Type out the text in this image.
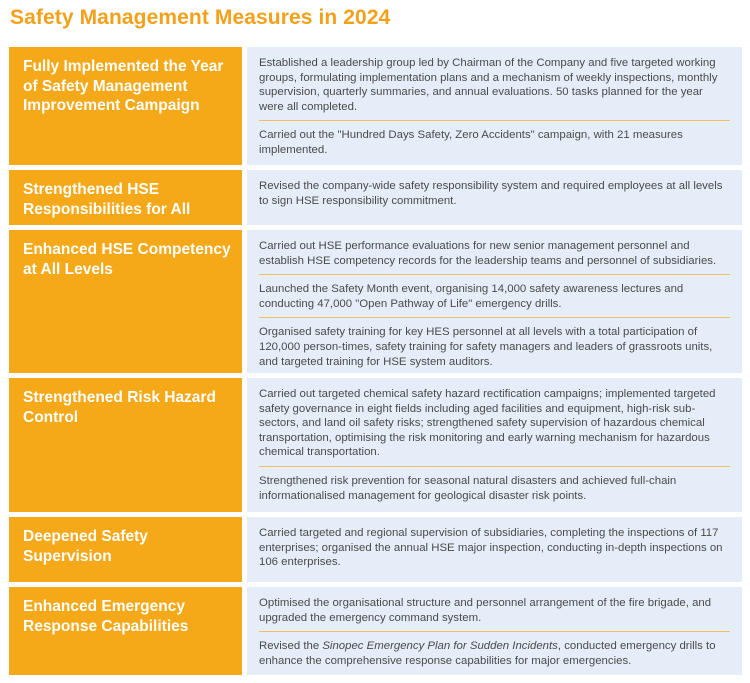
Safety Management Measures in 2024
Fully Implemented the Year of Safety Management Improvement Campaign
Established a leadership group led by Chairman of the Company and five targeted working groups, formulating implementation plans and a mechanism of weekly inspections, monthly supervision, quarterly summaries, and annual evaluations. 50 tasks planned for the year were all completed.
Carried out the "Hundred Days Safety, Zero Accidents" campaign, with 21 measures implemented.
Strengthened HSE Responsibilities for All
Revised the company-wide safety responsibility system and required employees at all levels to sign HSE responsibility commitment.
Enhanced HSE Competency at All Levels
Carried out HSE performance evaluations for new senior management personnel and establish HSE competency records for the leadership teams and personnel of subsidiaries.
Launched the Safety Month event, organising 14,000 safety awareness lectures and conducting 47,000 "Open Pathway of Life" emergency drills.
Organised safety training for key HES personnel at all levels with a total participation of 120,000 person-times, safety training for safety managers and leaders of grassroots units, and targeted training for HSE system auditors.
Strengthened Risk Hazard Control
Carried out targeted chemical safety hazard rectification campaigns; implemented targeted safety governance in eight fields including aged facilities and equipment, high-risk sub-sectors, and land oil safety risks; strengthened safety supervision of hazardous chemical transportation, optimising the risk monitoring and early warning mechanism for hazardous chemical transportation.
Strengthened risk prevention for seasonal natural disasters and achieved full-chain informationalised management for geological disaster risk points.
Deepened Safety Supervision
Carried targeted and regional supervision of subsidiaries, completing the inspections of 117 enterprises; organised the annual HSE major inspection, conducting in-depth inspections on 106 enterprises.
Enhanced Emergency Response Capabilities
Optimised the organisational structure and personnel arrangement of the fire brigade, and upgraded the emergency command system.
Revised the Sinopec Emergency Plan for Sudden Incidents, conducted emergency drills to enhance the comprehensive response capabilities for major emergencies.
